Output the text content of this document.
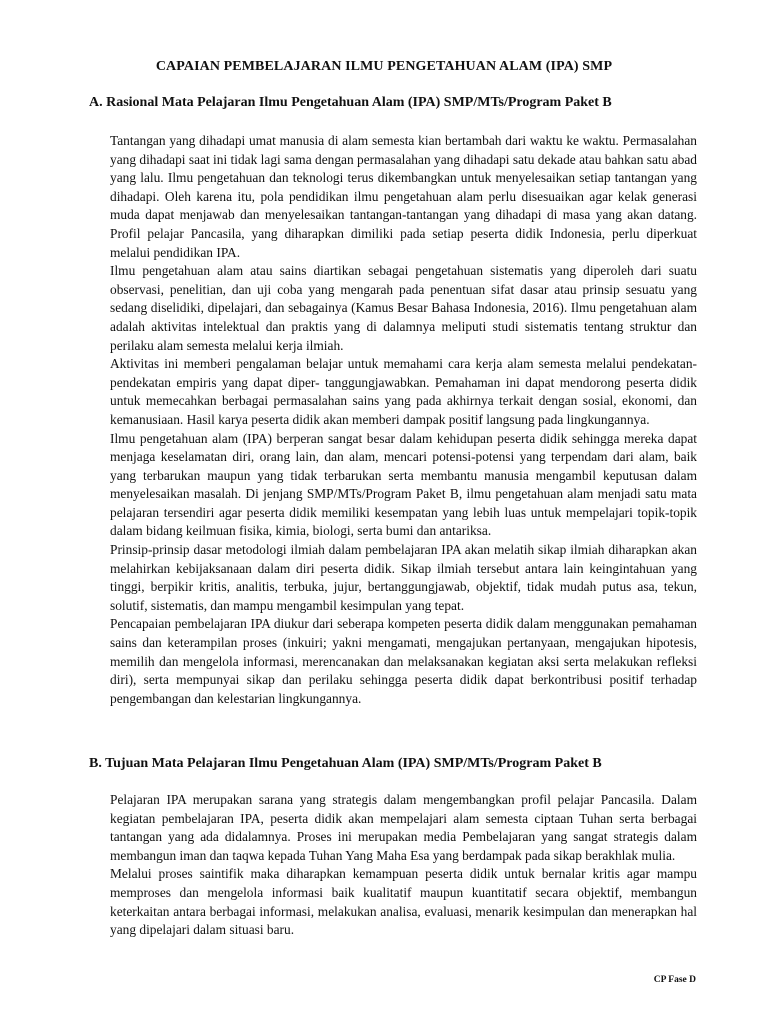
CAPAIAN PEMBELAJARAN ILMU PENGETAHUAN ALAM (IPA) SMP
A. Rasional Mata Pelajaran Ilmu Pengetahuan Alam (IPA) SMP/MTs/Program Paket B

Tantangan yang dihadapi umat manusia di alam semesta kian bertambah dari waktu ke waktu. Permasalahan yang dihadapi saat ini tidak lagi sama dengan permasalahan yang dihadapi satu dekade atau bahkan satu abad yang lalu. Ilmu pengetahuan dan teknologi terus dikembangkan untuk menyelesaikan setiap tantangan yang dihadapi. Oleh karena itu, pola pendidikan ilmu pengetahuan alam perlu disesuaikan agar kelak generasi muda dapat menjawab dan menyelesaikan tantangan-tantangan yang dihadapi di masa yang akan datang. Profil pelajar Pancasila, yang diharapkan dimiliki pada setiap peserta didik Indonesia, perlu diperkuat melalui pendidikan IPA.

Ilmu pengetahuan alam atau sains diartikan sebagai pengetahuan sistematis yang diperoleh dari suatu observasi, penelitian, dan uji coba yang mengarah pada penentuan sifat dasar atau prinsip sesuatu yang sedang diselidiki, dipelajari, dan sebagainya (Kamus Besar Bahasa Indonesia, 2016). Ilmu pengetahuan alam adalah aktivitas intelektual dan praktis yang di dalamnya meliputi studi sistematis tentang struktur dan perilaku alam semesta melalui kerja ilmiah.

Aktivitas ini memberi pengalaman belajar untuk memahami cara kerja alam semesta melalui pendekatan-pendekatan empiris yang dapat diper- tanggungjawabkan. Pemahaman ini dapat mendorong peserta didik untuk memecahkan berbagai permasalahan sains yang pada akhirnya terkait dengan sosial, ekonomi, dan kemanusiaan. Hasil karya peserta didik akan memberi dampak positif langsung pada lingkungannya.

Ilmu pengetahuan alam (IPA) berperan sangat besar dalam kehidupan peserta didik sehingga mereka dapat menjaga keselamatan diri, orang lain, dan alam, mencari potensi-potensi yang terpendam dari alam, baik yang terbarukan maupun yang tidak terbarukan serta membantu manusia mengambil keputusan dalam menyelesaikan masalah. Di jenjang SMP/MTs/Program Paket B, ilmu pengetahuan alam menjadi satu mata pelajaran tersendiri agar peserta didik memiliki kesempatan yang lebih luas untuk mempelajari topik-topik dalam bidang keilmuan fisika, kimia, biologi, serta bumi dan antariksa.

Prinsip-prinsip dasar metodologi ilmiah dalam pembelajaran IPA akan melatih sikap ilmiah diharapkan akan melahirkan kebijaksanaan dalam diri peserta didik. Sikap ilmiah tersebut antara lain keingintahuan yang tinggi, berpikir kritis, analitis, terbuka, jujur, bertanggungjawab, objektif, tidak mudah putus asa, tekun, solutif, sistematis, dan mampu mengambil kesimpulan yang tepat.

Pencapaian pembelajaran IPA diukur dari seberapa kompeten peserta didik dalam menggunakan pemahaman sains dan keterampilan proses (inkuiri; yakni mengamati, mengajukan pertanyaan, mengajukan hipotesis, memilih dan mengelola informasi, merencanakan dan melaksanakan kegiatan aksi serta melakukan refleksi diri), serta mempunyai sikap dan perilaku sehingga peserta didik dapat berkontribusi positif terhadap pengembangan dan kelestarian lingkungannya.

B. Tujuan Mata Pelajaran Ilmu Pengetahuan Alam (IPA) SMP/MTs/Program Paket B

Pelajaran IPA merupakan sarana yang strategis dalam mengembangkan profil pelajar Pancasila. Dalam kegiatan pembelajaran IPA, peserta didik akan mempelajari alam semesta ciptaan Tuhan serta berbagai tantangan yang ada didalamnya. Proses ini merupakan media Pembelajaran yang sangat strategis dalam membangun iman dan taqwa kepada Tuhan Yang Maha Esa yang berdampak pada sikap berakhlak mulia.

Melalui proses saintifik maka diharapkan kemampuan peserta didik untuk bernalar kritis agar mampu memproses dan mengelola informasi baik kualitatif maupun kuantitatif secara objektif, membangun keterkaitan antara berbagai informasi, melakukan analisa, evaluasi, menarik kesimpulan dan menerapkan hal yang dipelajari dalam situasi baru.

CP Fase D
